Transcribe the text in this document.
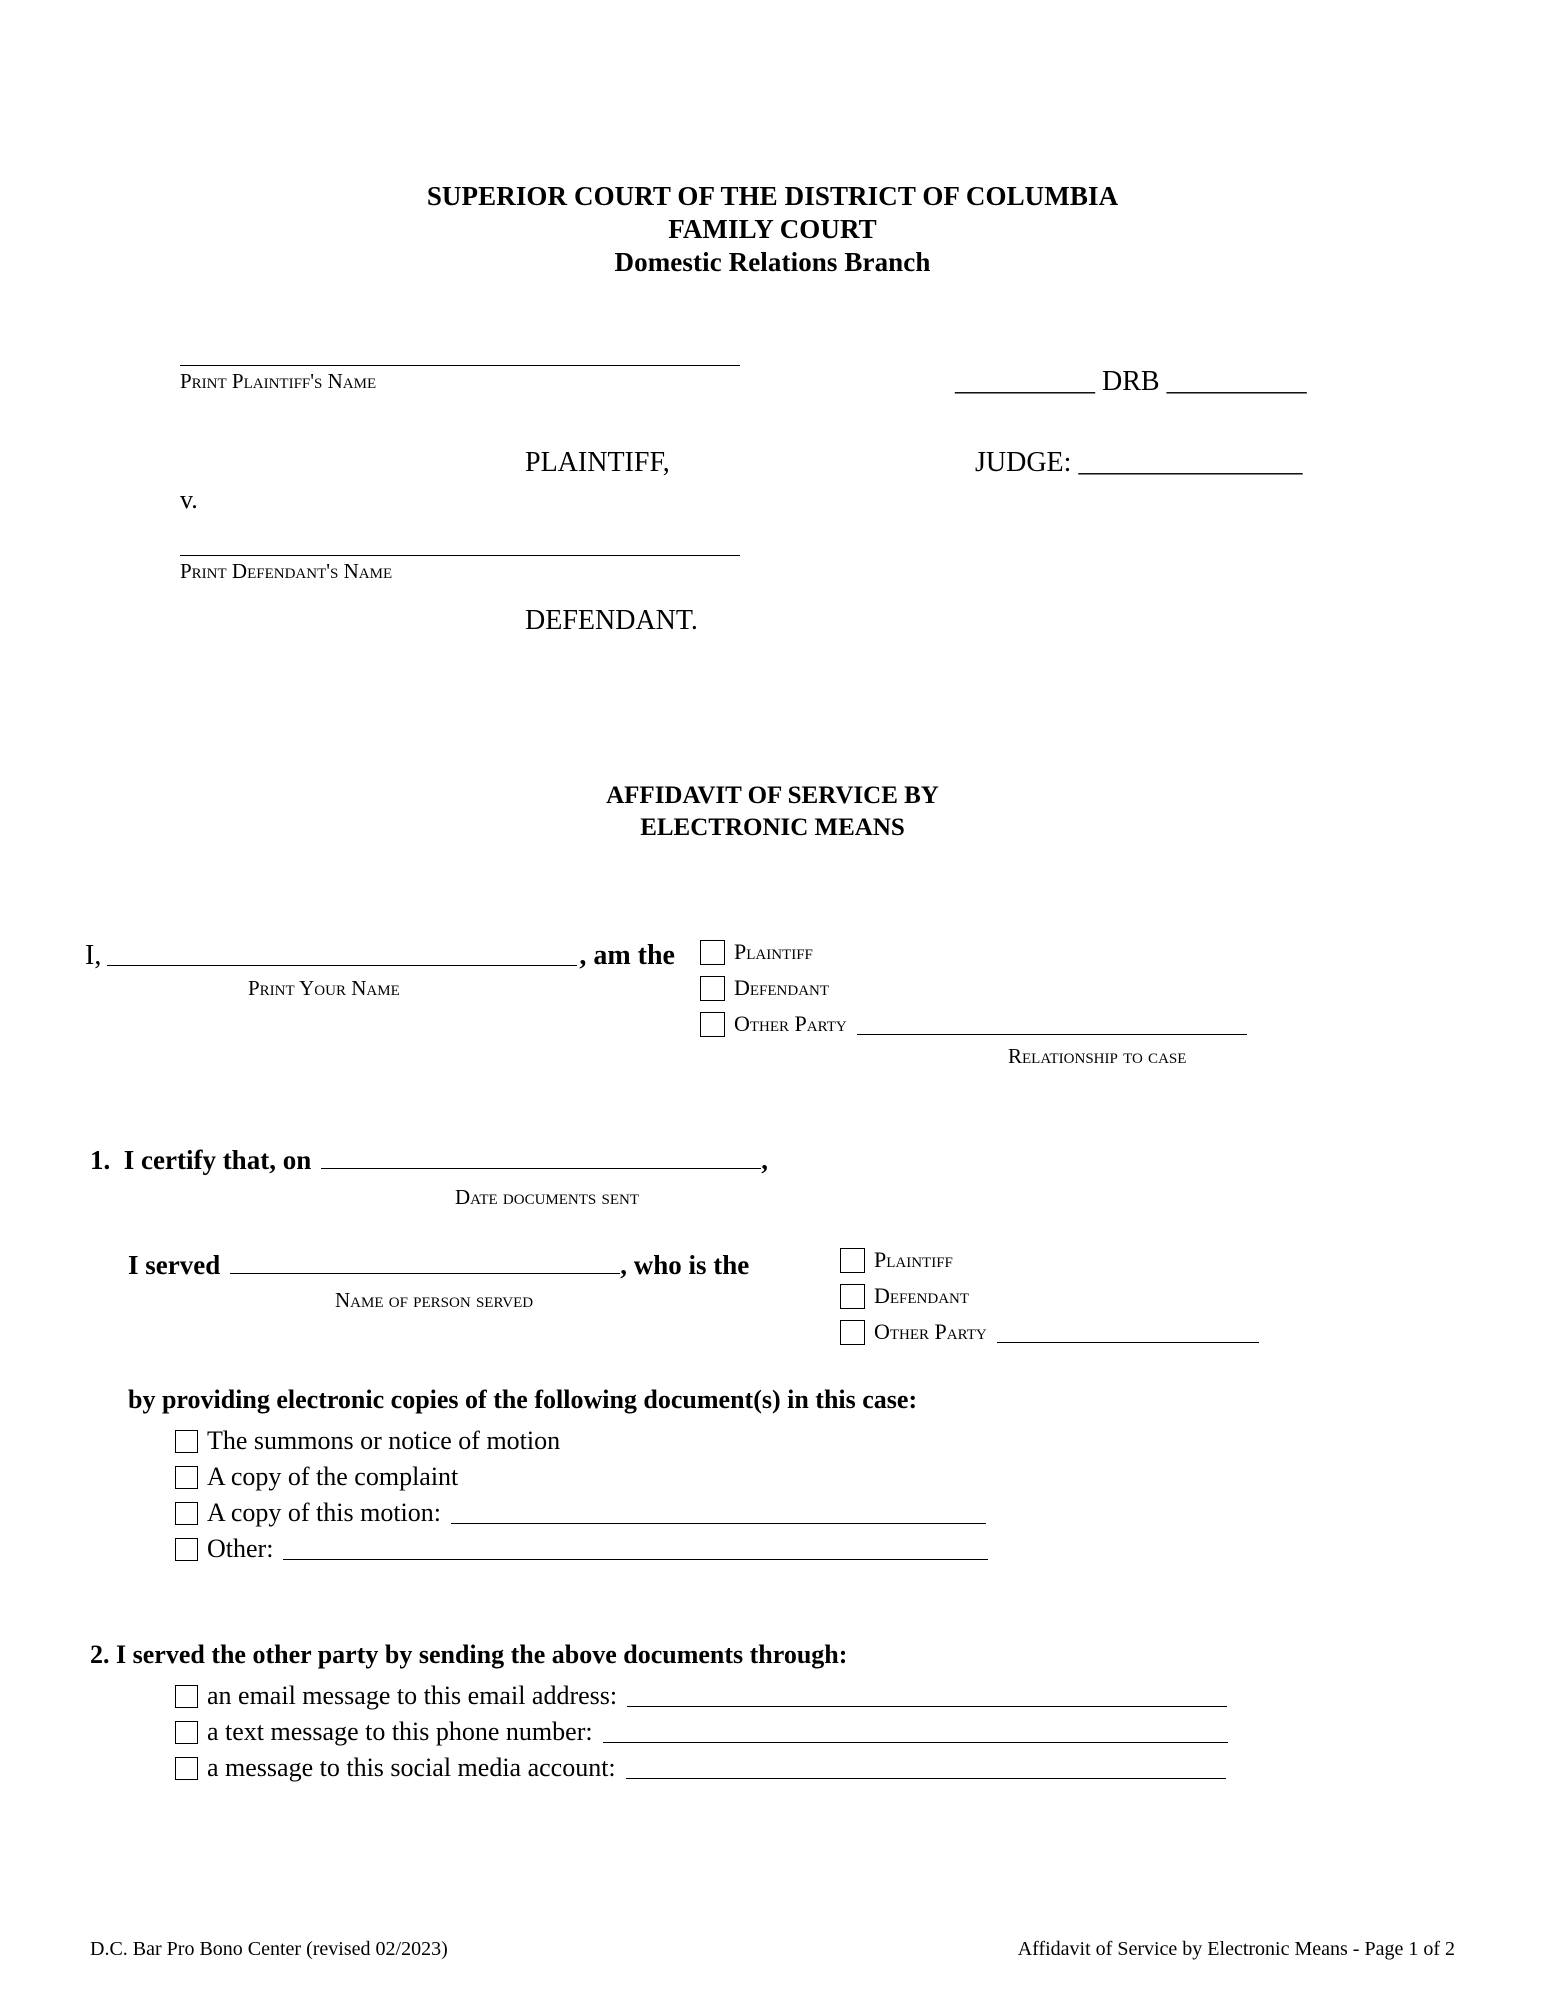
SUPERIOR COURT OF THE DISTRICT OF COLUMBIA
FAMILY COURT
Domestic Relations Branch
Print Plaintiff's Name
PLAINTIFF,
v.
Print Defendant's Name
DEFENDANT.
__________ DRB __________
JUDGE: ________________
AFFIDAVIT OF SERVICE BY
ELECTRONIC MEANS
I,	, am the
Print Your Name
Plaintiff
Defendant
Other Party
Relationship to case
1. I certify that, on	,
Date documents sent
I served	, who is the
Name of person served
Plaintiff
Defendant
Other Party
by providing electronic copies of the following document(s) in this case:
The summons or notice of motion
A copy of the complaint
A copy of this motion:
Other:
2. I served the other party by sending the above documents through:
an email message to this email address:
a text message to this phone number:
a message to this social media account:
D.C. Bar Pro Bono Center (revised 02/2023)	Affidavit of Service by Electronic Means - Page 1 of 2
